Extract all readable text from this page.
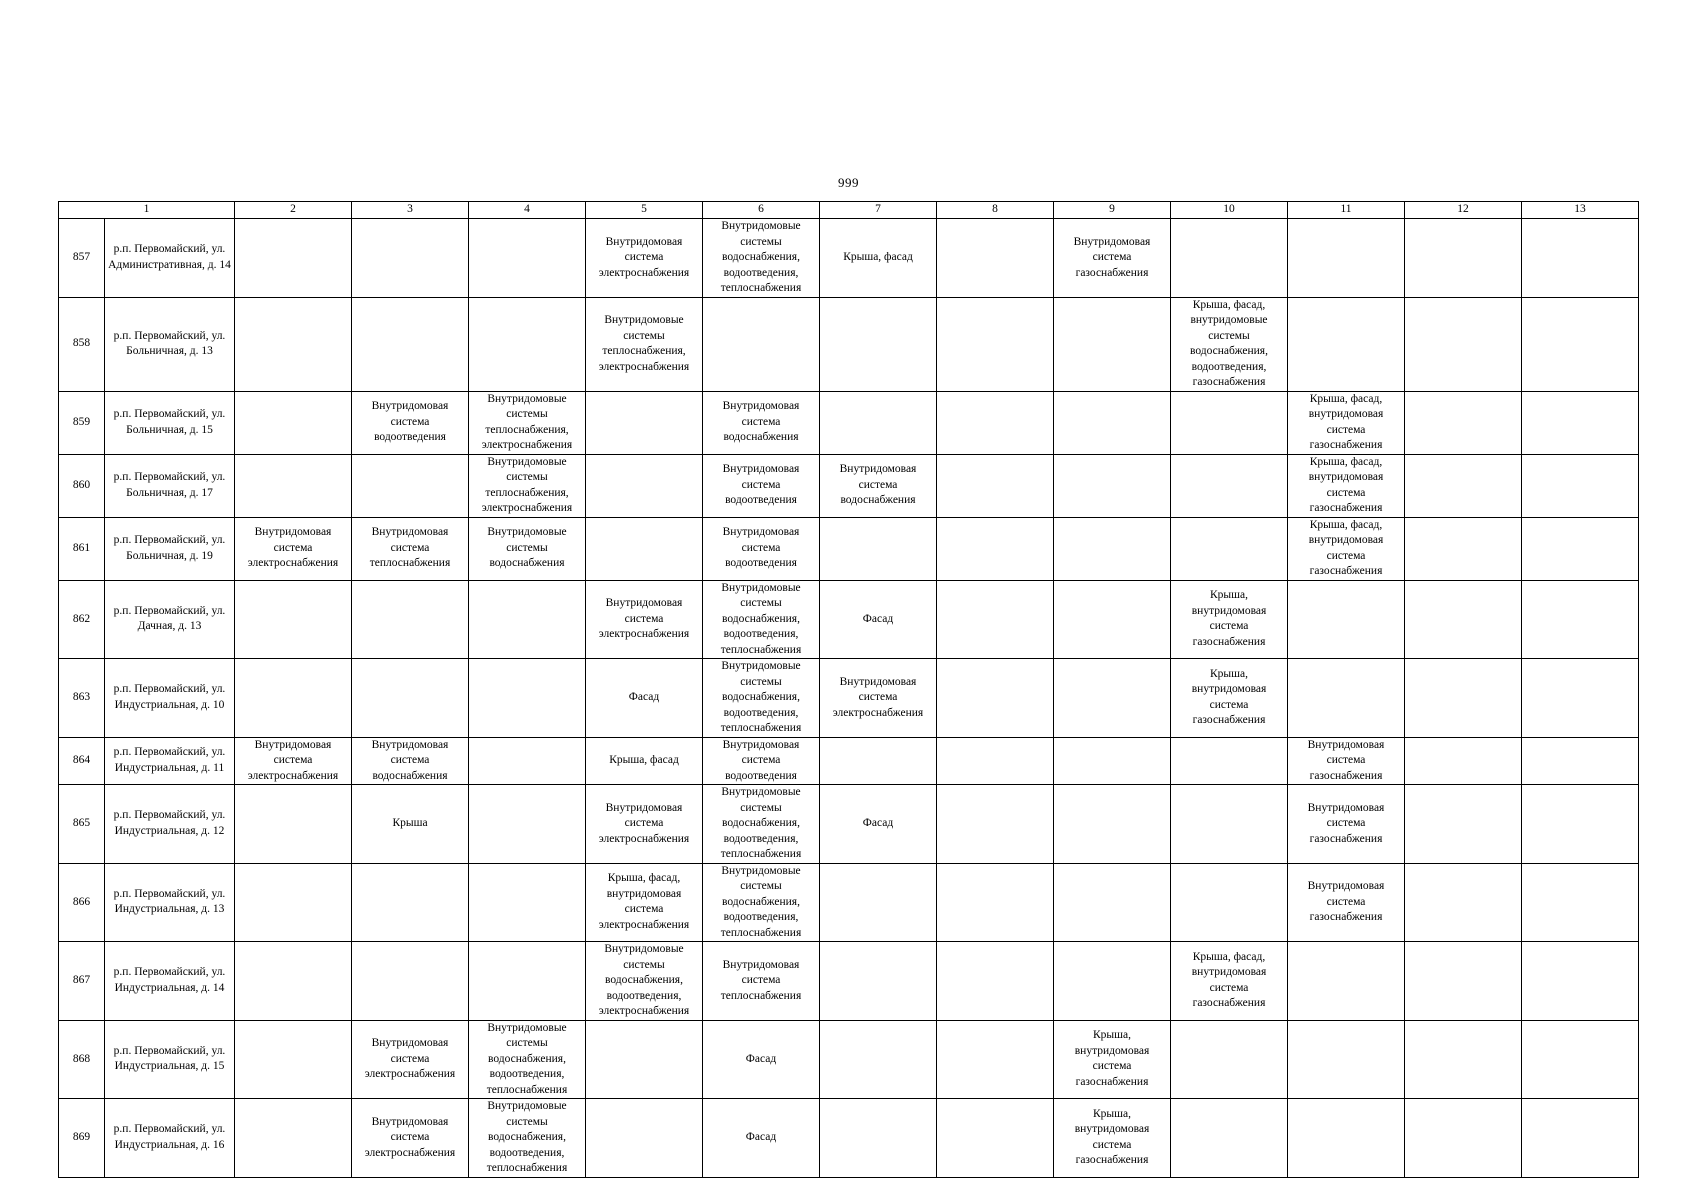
999
1		2	3	4	5	6	7	8	9	10	11	12	13
857	р.п. Первомайский, ул. Административная, д. 14				Внутридомовая система электроснабжения	Внутридомовые системы водоснабжения, водоотведения, теплоснабжения	Крыша, фасад		Внутридомовая система газоснабжения				
858	р.п. Первомайский, ул. Больничная, д. 13				Внутридомовые системы теплоснабжения, электроснабжения					Крыша, фасад, внутридомовые системы водоснабжения, водоотведения, газоснабжения			
859	р.п. Первомайский, ул. Больничная, д. 15		Внутридомовая система водоотведения	Внутридомовые системы теплоснабжения, электроснабжения		Внутридомовая система водоснабжения					Крыша, фасад, внутридомовая система газоснабжения		
860	р.п. Первомайский, ул. Больничная, д. 17			Внутридомовые системы теплоснабжения, электроснабжения		Внутридомовая система водоотведения	Внутридомовая система водоснабжения				Крыша, фасад, внутридомовая система газоснабжения		
861	р.п. Первомайский, ул. Больничная, д. 19	Внутридомовая система электроснабжения	Внутридомовая система теплоснабжения	Внутридомовые системы водоснабжения		Внутридомовая система водоотведения					Крыша, фасад, внутридомовая система газоснабжения		
862	р.п. Первомайский, ул. Дачная, д. 13				Внутридомовая система электроснабжения	Внутридомовые системы водоснабжения, водоотведения, теплоснабжения	Фасад			Крыша, внутридомовая система газоснабжения			
863	р.п. Первомайский, ул. Индустриальная, д. 10				Фасад	Внутридомовые системы водоснабжения, водоотведения, теплоснабжения	Внутридомовая система электроснабжения			Крыша, внутридомовая система газоснабжения			
864	р.п. Первомайский, ул. Индустриальная, д. 11	Внутридомовая система электроснабжения	Внутридомовая система водоснабжения		Крыша, фасад	Внутридомовая система водоотведения					Внутридомовая система газоснабжения		
865	р.п. Первомайский, ул. Индустриальная, д. 12		Крыша		Внутридомовая система электроснабжения	Внутридомовые системы водоснабжения, водоотведения, теплоснабжения	Фасад				Внутридомовая система газоснабжения		
866	р.п. Первомайский, ул. Индустриальная, д. 13				Крыша, фасад, внутридомовая система электроснабжения	Внутридомовые системы водоснабжения, водоотведения, теплоснабжения					Внутридомовая система газоснабжения		
867	р.п. Первомайский, ул. Индустриальная, д. 14				Внутридомовые системы водоснабжения, водоотведения, электроснабжения	Внутридомовая система теплоснабжения				Крыша, фасад, внутридомовая система газоснабжения			
868	р.п. Первомайский, ул. Индустриальная, д. 15		Внутридомовая система электроснабжения	Внутридомовые системы водоснабжения, водоотведения, теплоснабжения		Фасад			Крыша, внутридомовая система газоснабжения				
869	р.п. Первомайский, ул. Индустриальная, д. 16		Внутридомовая система электроснабжения	Внутридомовые системы водоснабжения, водоотведения, теплоснабжения		Фасад			Крыша, внутридомовая система газоснабжения				
